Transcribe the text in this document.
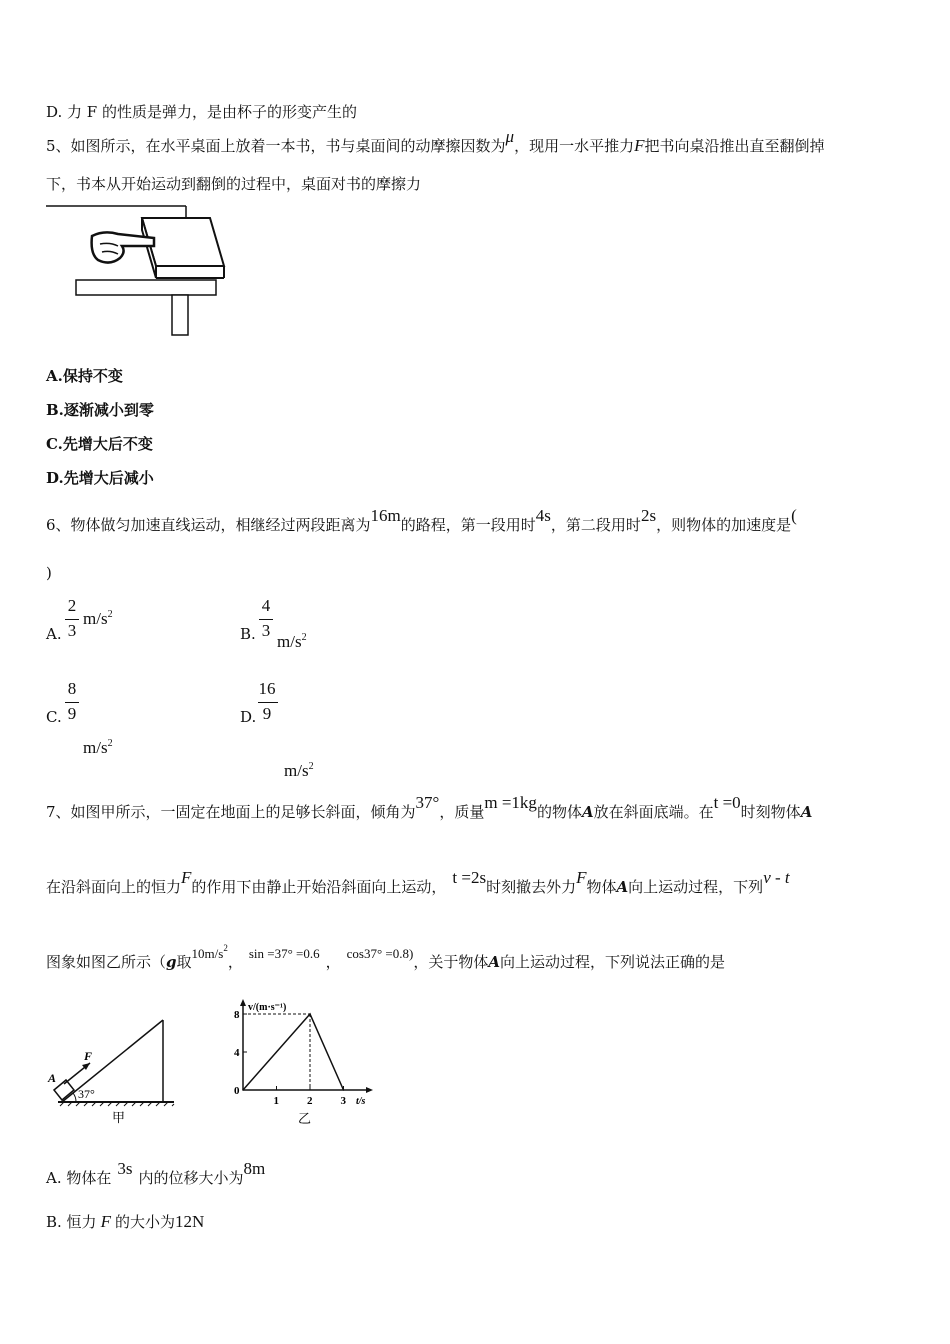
D. 力 F 的性质是弹力，是由杯子的形变产生的
5、如图所示，在水平桌面上放着一本书，书与桌面间的动摩擦因数为μ，现用一水平推力F把书向桌沿推出直至翻倒掉
下，书本从开始运动到翻倒的过程中，桌面对书的摩擦力
A.保持不变
B.逐渐减小到零
C.先增大后不变
D.先增大后减小
6、物体做匀加速直线运动，相继经过两段距离为16m的路程，第一段用时4s，第二段用时2s，则物体的加速度是(
)
A.
2
3
$m/s^2$
B.
4
3
$m/s^2$
C.
8
9
$m/s^2$
D.
16
9
$m/s^2$
7、如图甲所示，一固定在地面上的足够长斜面，倾角为37°，质量m =1kg的物体A放在斜面底端。在t =0时刻物体A
在沿斜面向上的恒力F的作用下由静止开始沿斜面向上运动， t =2s时刻撤去外力F物体A向上运动过程，下列v - t
图象如图乙所示（g取$10m/s^2$， sin =37° =0.6 ， cos37° =0.8)，关于物体A向上运动过程，下列说法正确的是
F
A
37°
甲
v/(m·s⁻¹)
t/s
乙
8
4
0
1	2	3
A. 物体在 3s 内的位移大小为8m
B. 恒力 F 的大小为12N
